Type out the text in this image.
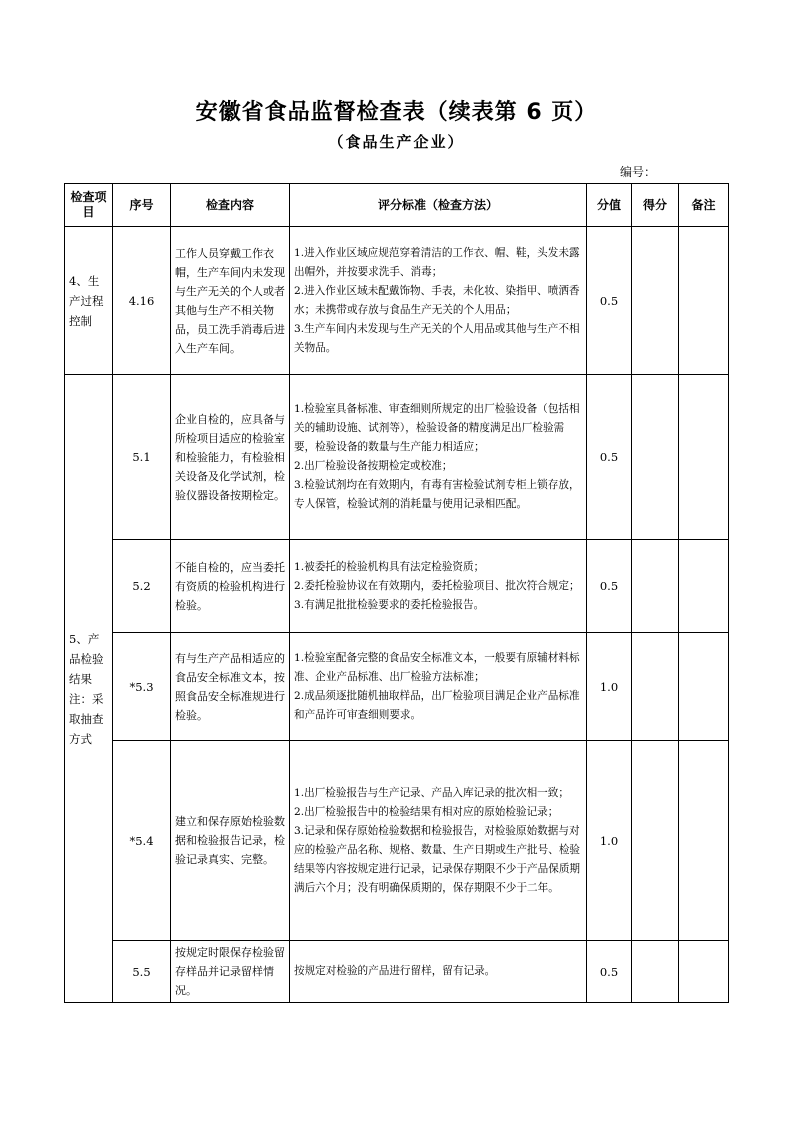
安徽省食品监督检查表（续表第 6 页）
（食品生产企业）
编号：
检查项目	序号	检查内容	评分标准（检查方法）	分值	得分	备注
4、生产过程控制	4.16	工作人员穿戴工作衣帽，生产车间内未发现与生产无关的个人或者其他与生产不相关物品，员工洗手消毒后进入生产车间。	1.进入作业区域应规范穿着清洁的工作衣、帽、鞋，头发未露出帽外，并按要求洗手、消毒；
2.进入作业区域未配戴饰物、手表，未化妆、染指甲、喷洒香水；未携带或存放与食品生产无关的个人用品；
3.生产车间内未发现与生产无关的个人用品或其他与生产不相关物品。	0.5		
5、产品检验结果注：采取抽查方式	5.1	企业自检的，应具备与所检项目适应的检验室和检验能力，有检验相关设备及化学试剂，检验仪器设备按期检定。	1.检验室具备标准、审查细则所规定的出厂检验设备（包括相关的辅助设施、试剂等），检验设备的精度满足出厂检验需要，检验设备的数量与生产能力相适应；
2.出厂检验设备按期检定或校准；
3.检验试剂均在有效期内，有毒有害检验试剂专柜上锁存放，专人保管，检验试剂的消耗量与使用记录相匹配。	0.5		
	5.2	不能自检的，应当委托有资质的检验机构进行检验。	1.被委托的检验机构具有法定检验资质；
2.委托检验协议在有效期内，委托检验项目、批次符合规定；
3.有满足批批检验要求的委托检验报告。	0.5		
	*5.3	有与生产产品相适应的食品安全标准文本，按照食品安全标准规进行检验。	1.检验室配备完整的食品安全标准文本，一般要有原辅材料标准、企业产品标准、出厂检验方法标准；
2.成品须逐批随机抽取样品，出厂检验项目满足企业产品标准和产品许可审查细则要求。	1.0		
	*5.4	建立和保存原始检验数据和检验报告记录，检验记录真实、完整。	1.出厂检验报告与生产记录、产品入库记录的批次相一致；
2.出厂检验报告中的检验结果有相对应的原始检验记录；
3.记录和保存原始检验数据和检验报告，对检验原始数据与对应的检验产品名称、规格、数量、生产日期或生产批号、检验结果等内容按规定进行记录，记录保存期限不少于产品保质期满后六个月；没有明确保质期的，保存期限不少于二年。	1.0		
	5.5	按规定时限保存检验留存样品并记录留样情况。	按规定对检验的产品进行留样，留有记录。	0.5		
